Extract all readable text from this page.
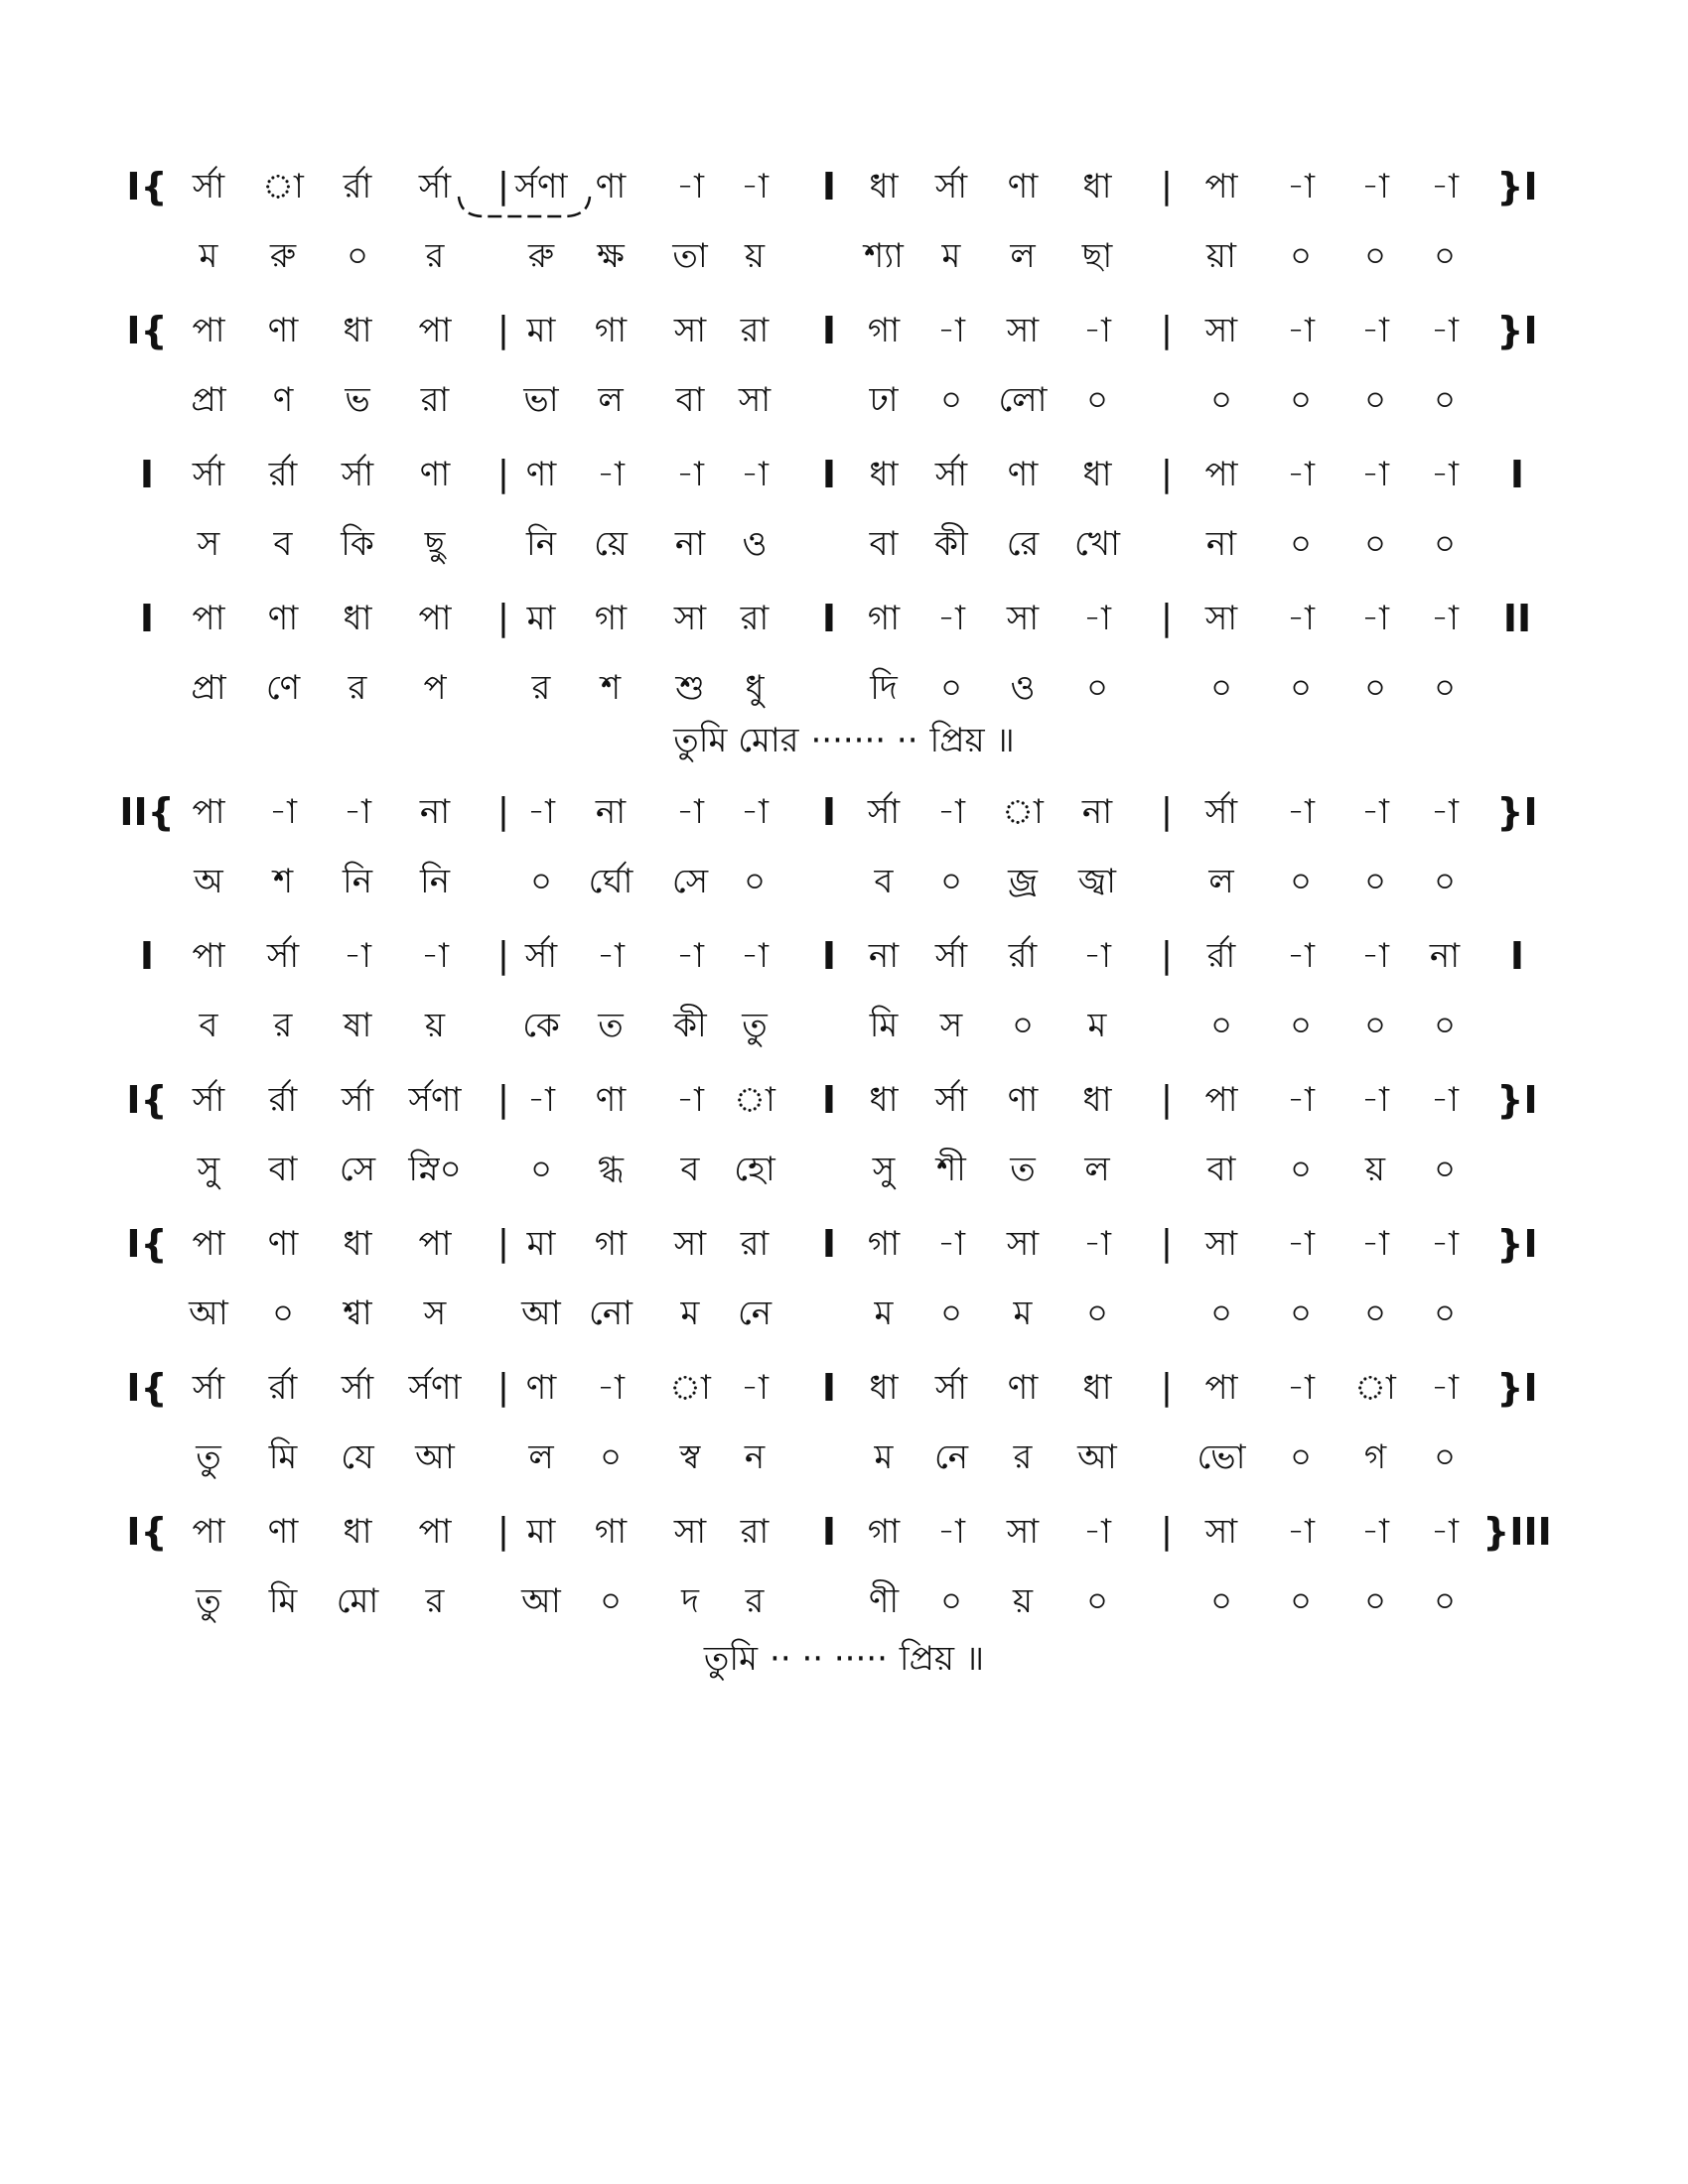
I{ র্সা া র্রা র্সা | র্সণা ণা -া -া I ধা র্সা ণা ধা | পা -া -া -া }I
ম রু ০ র রু ক্ষ তা য়	শ্যা ম ল ছা	য়া ০ ০ ০
I{ পা ণা ধা পা | মা গা সা রা I গা -া সা -া | সা -া -া -া }I
প্রা ণ ভ রা ভা ল বা সা	ঢা ০ লো ০	০ ০ ০ ০
I র্সা র্রা র্সা ণা | ণা -া -া -া I ধা র্সা ণা ধা | পা -া -া -া I
স ব কি ছু নি য়ে না ও	বা কী রে খো	না ০ ০ ০
I পা ণা ধা পা | মা গা সা রা I গা -া সা -া | সা -া -া -া II
প্রা ণে র প	র শ শু ধু	দি ০ ও ০	০ ০ ০ ০
II{ পা -া -া না | -া না -া -া I র্সা -া া না | র্সা -া -া -া }I
অ শ নি নি ০ র্ঘো সে ০	ব ০ জ্র জ্বা	ল ০ ০ ০
I পা র্সা -া -া | র্সা -া -া -া I না র্সা র্রা -া | র্রা -া -া না I
ব র ষা য় কে ত কী তু	মি স ০ ম	০ ০ ০ ০
I{ র্সা র্রা র্সা র্সণা | -া ণা -া া I ধা র্সা ণা ধা | পা -া -া -া }I
সু বা সে স্নি০ ০ গ্ধ ব হো	সু শী ত ল	বা ০ য় ০
I{ পা ণা ধা পা | মা গা সা রা I গা -া সা -া | সা -া -া -া }I
আ ০ শ্বা স আ নো ম নে	ম ০ ম ০	০ ০ ০ ০
I{ র্সা র্রা র্সা র্সণা | ণা -া া -া I ধা র্সা ণা ধা | পা -া া -া }I
তু মি যে আ ল ০ স্ব ন	ম নে র আ ভো ০ গ ০
I{ পা ণা ধা পা | মা গা সা রা I গা -া সা -া | সা -া -া -া }III
তু মি মো র আ ০ দ র	ণী ০ য় ০	০ ০ ০ ০
তুমি মোর ······· ·· প্রিয় ॥
তুমি ·· ·· ····· প্রিয় ॥
